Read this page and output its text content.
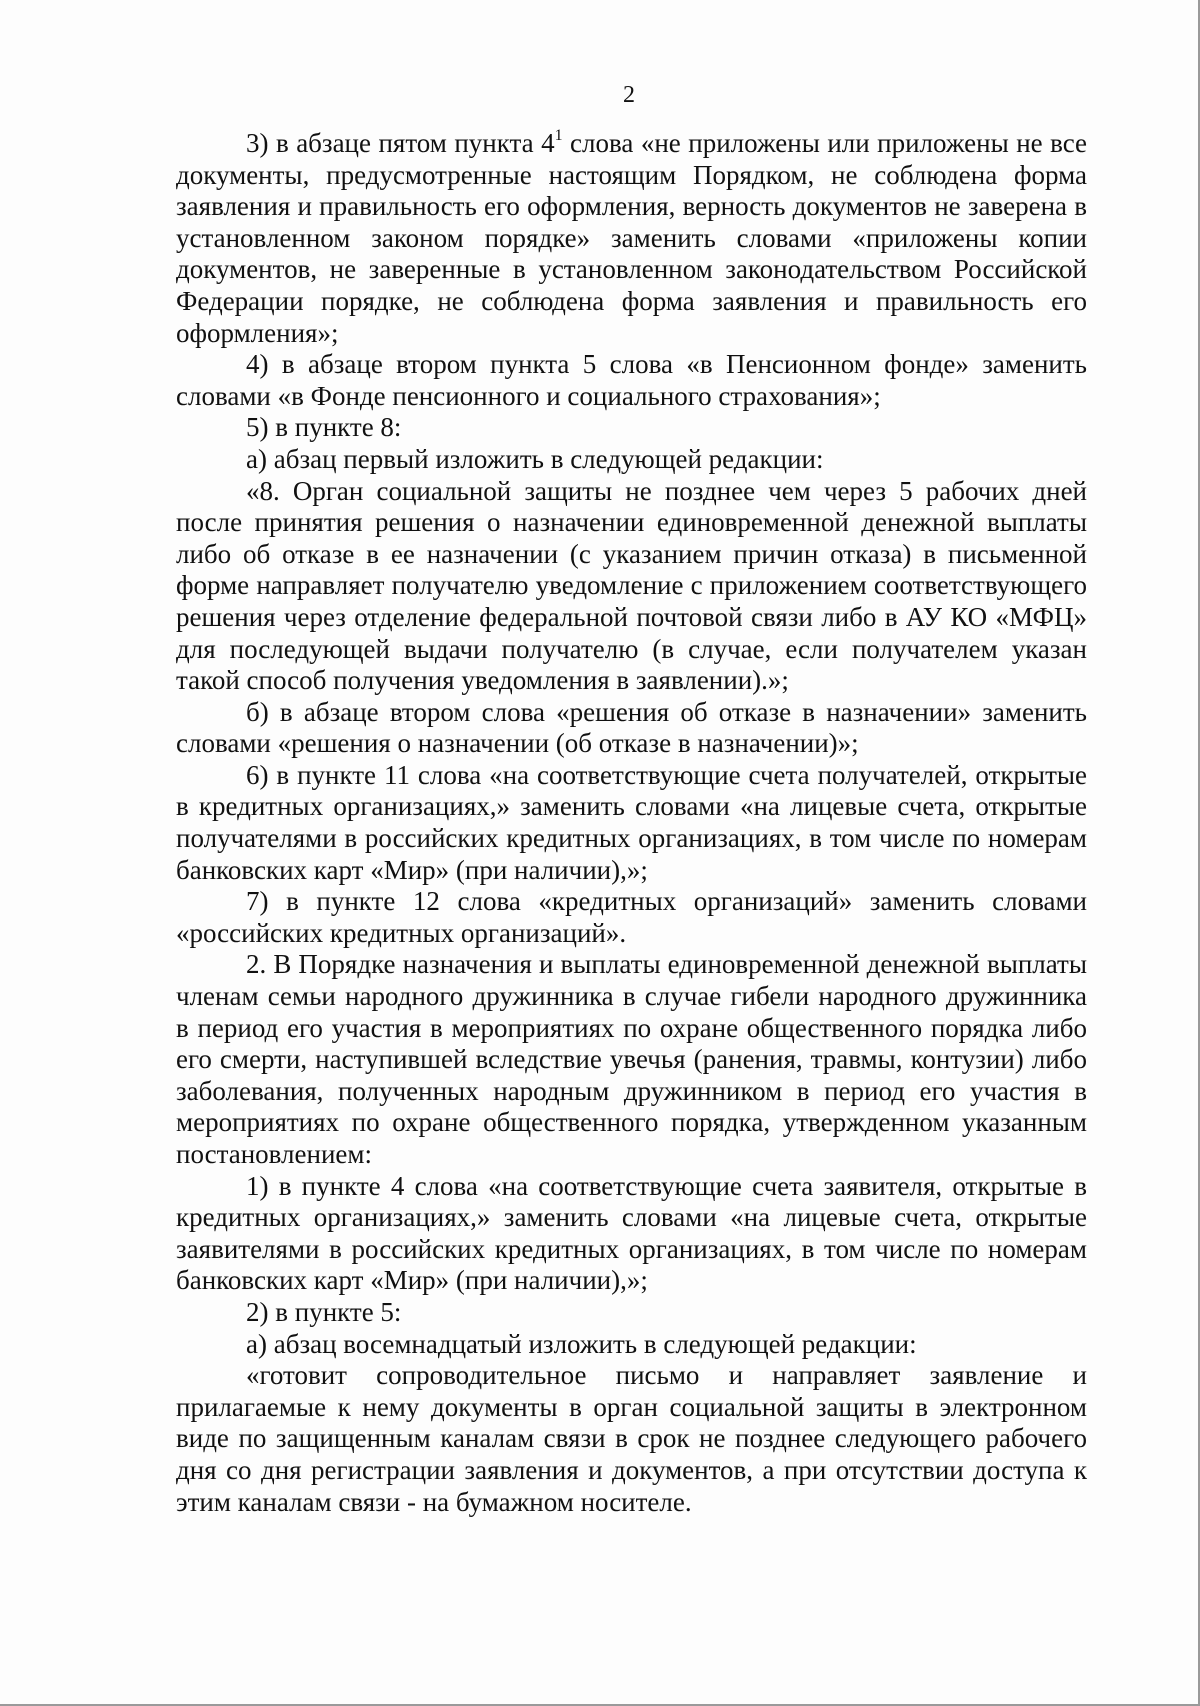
2

3) в абзаце пятом пункта $4^1$ слова «не приложены или приложены не все документы, предусмотренные настоящим Порядком, не соблюдена форма заявления и правильность его оформления, верность документов не заверена в установленном законом порядке» заменить словами «приложены копии документов, не заверенные в установленном законодательством Российской Федерации порядке, не соблюдена форма заявления и правильность его оформления»;

4) в абзаце втором пункта 5 слова «в Пенсионном фонде» заменить словами «в Фонде пенсионного и социального страхования»;

5) в пункте 8:

а) абзац первый изложить в следующей редакции:

«8. Орган социальной защиты не позднее чем через 5 рабочих дней после принятия решения о назначении единовременной денежной выплаты либо об отказе в ее назначении (с указанием причин отказа) в письменной форме направляет получателю уведомление с приложением соответствующего решения через отделение федеральной почтовой связи либо в АУ КО «МФЦ» для последующей выдачи получателю (в случае, если получателем указан такой способ получения уведомления в заявлении).»;

б) в абзаце втором слова «решения об отказе в назначении» заменить словами «решения о назначении (об отказе в назначении)»;

6) в пункте 11 слова «на соответствующие счета получателей, открытые в кредитных организациях,» заменить словами «на лицевые счета, открытые получателями в российских кредитных организациях, в том числе по номерам банковских карт «Мир» (при наличии),»;

7) в пункте 12 слова «кредитных организаций» заменить словами «российских кредитных организаций».

2. В Порядке назначения и выплаты единовременной денежной выплаты членам семьи народного дружинника в случае гибели народного дружинника в период его участия в мероприятиях по охране общественного порядка либо его смерти, наступившей вследствие увечья (ранения, травмы, контузии) либо заболевания, полученных народным дружинником в период его участия в мероприятиях по охране общественного порядка, утвержденном указанным постановлением:

1) в пункте 4 слова «на соответствующие счета заявителя, открытые в кредитных организациях,» заменить словами «на лицевые счета, открытые заявителями в российских кредитных организациях, в том числе по номерам банковских карт «Мир» (при наличии),»;

2) в пункте 5:

а) абзац восемнадцатый изложить в следующей редакции:

«готовит сопроводительное письмо и направляет заявление и прилагаемые к нему документы в орган социальной защиты в электронном виде по защищенным каналам связи в срок не позднее следующего рабочего дня со дня регистрации заявления и документов, а при отсутствии доступа к этим каналам связи - на бумажном носителе.
